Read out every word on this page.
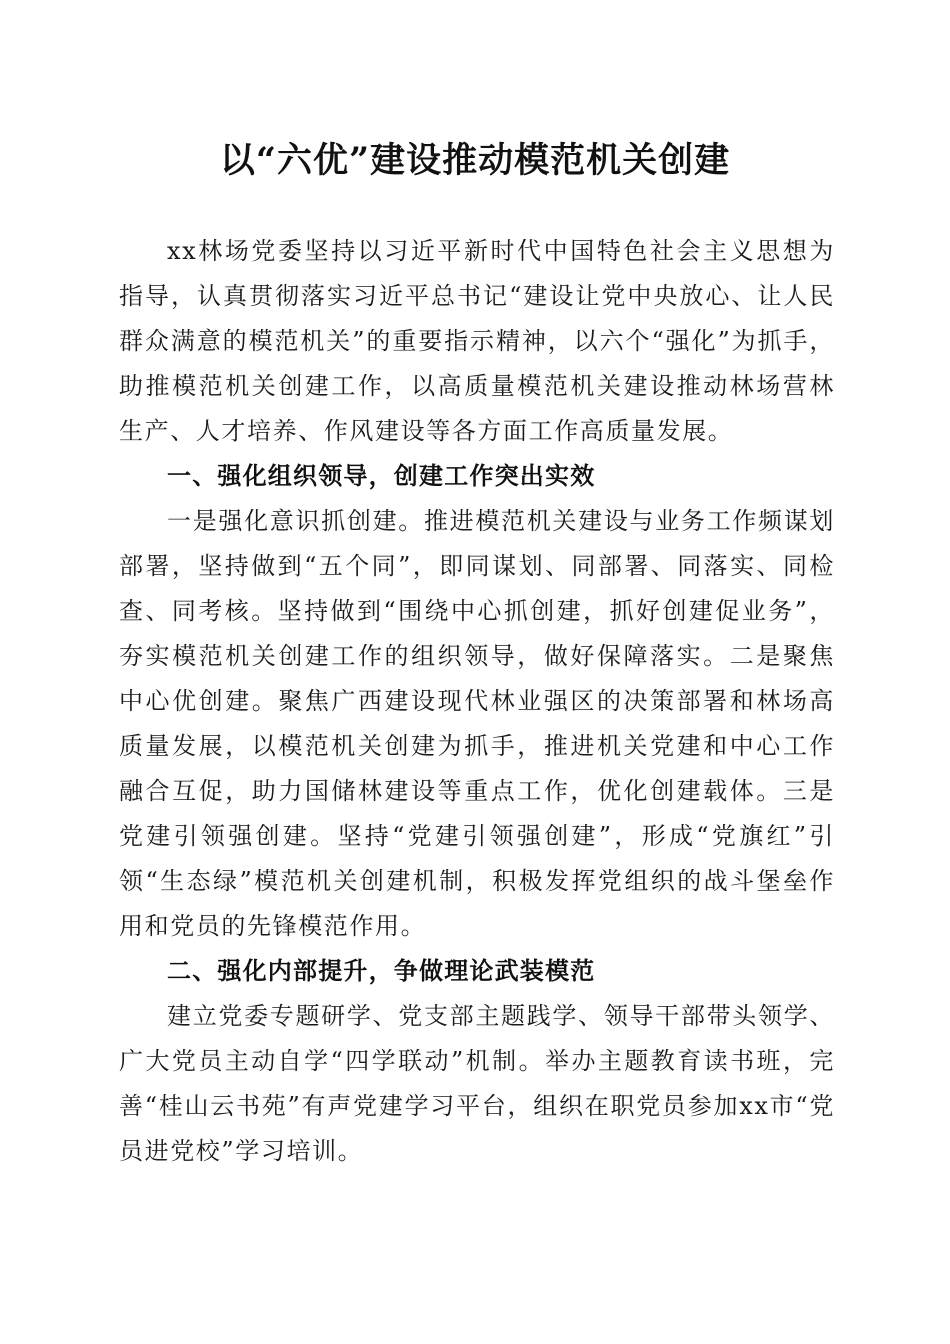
以“六优”建设推动模范机关创建

xx林场党委坚持以习近平新时代中国特色社会主义思想为指导，认真贯彻落实习近平总书记“建设让党中央放心、让人民群众满意的模范机关”的重要指示精神，以六个“强化”为抓手，助推模范机关创建工作，以高质量模范机关建设推动林场营林生产、人才培养、作风建设等各方面工作高质量发展。

一、强化组织领导，创建工作突出实效

一是强化意识抓创建。推进模范机关建设与业务工作频谋划部署，坚持做到“五个同”，即同谋划、同部署、同落实、同检查、同考核。坚持做到“围绕中心抓创建，抓好创建促业务”，夯实模范机关创建工作的组织领导，做好保障落实。二是聚焦中心优创建。聚焦广西建设现代林业强区的决策部署和林场高质量发展，以模范机关创建为抓手，推进机关党建和中心工作融合互促，助力国储林建设等重点工作，优化创建载体。三是党建引领强创建。坚持“党建引领强创建”，形成“党旗红”引领“生态绿”模范机关创建机制，积极发挥党组织的战斗堡垒作用和党员的先锋模范作用。

二、强化内部提升，争做理论武装模范

建立党委专题研学、党支部主题践学、领导干部带头领学、广大党员主动自学“四学联动”机制。举办主题教育读书班，完善“桂山云书苑”有声党建学习平台，组织在职党员参加xx市“党员进党校”学习培训。
